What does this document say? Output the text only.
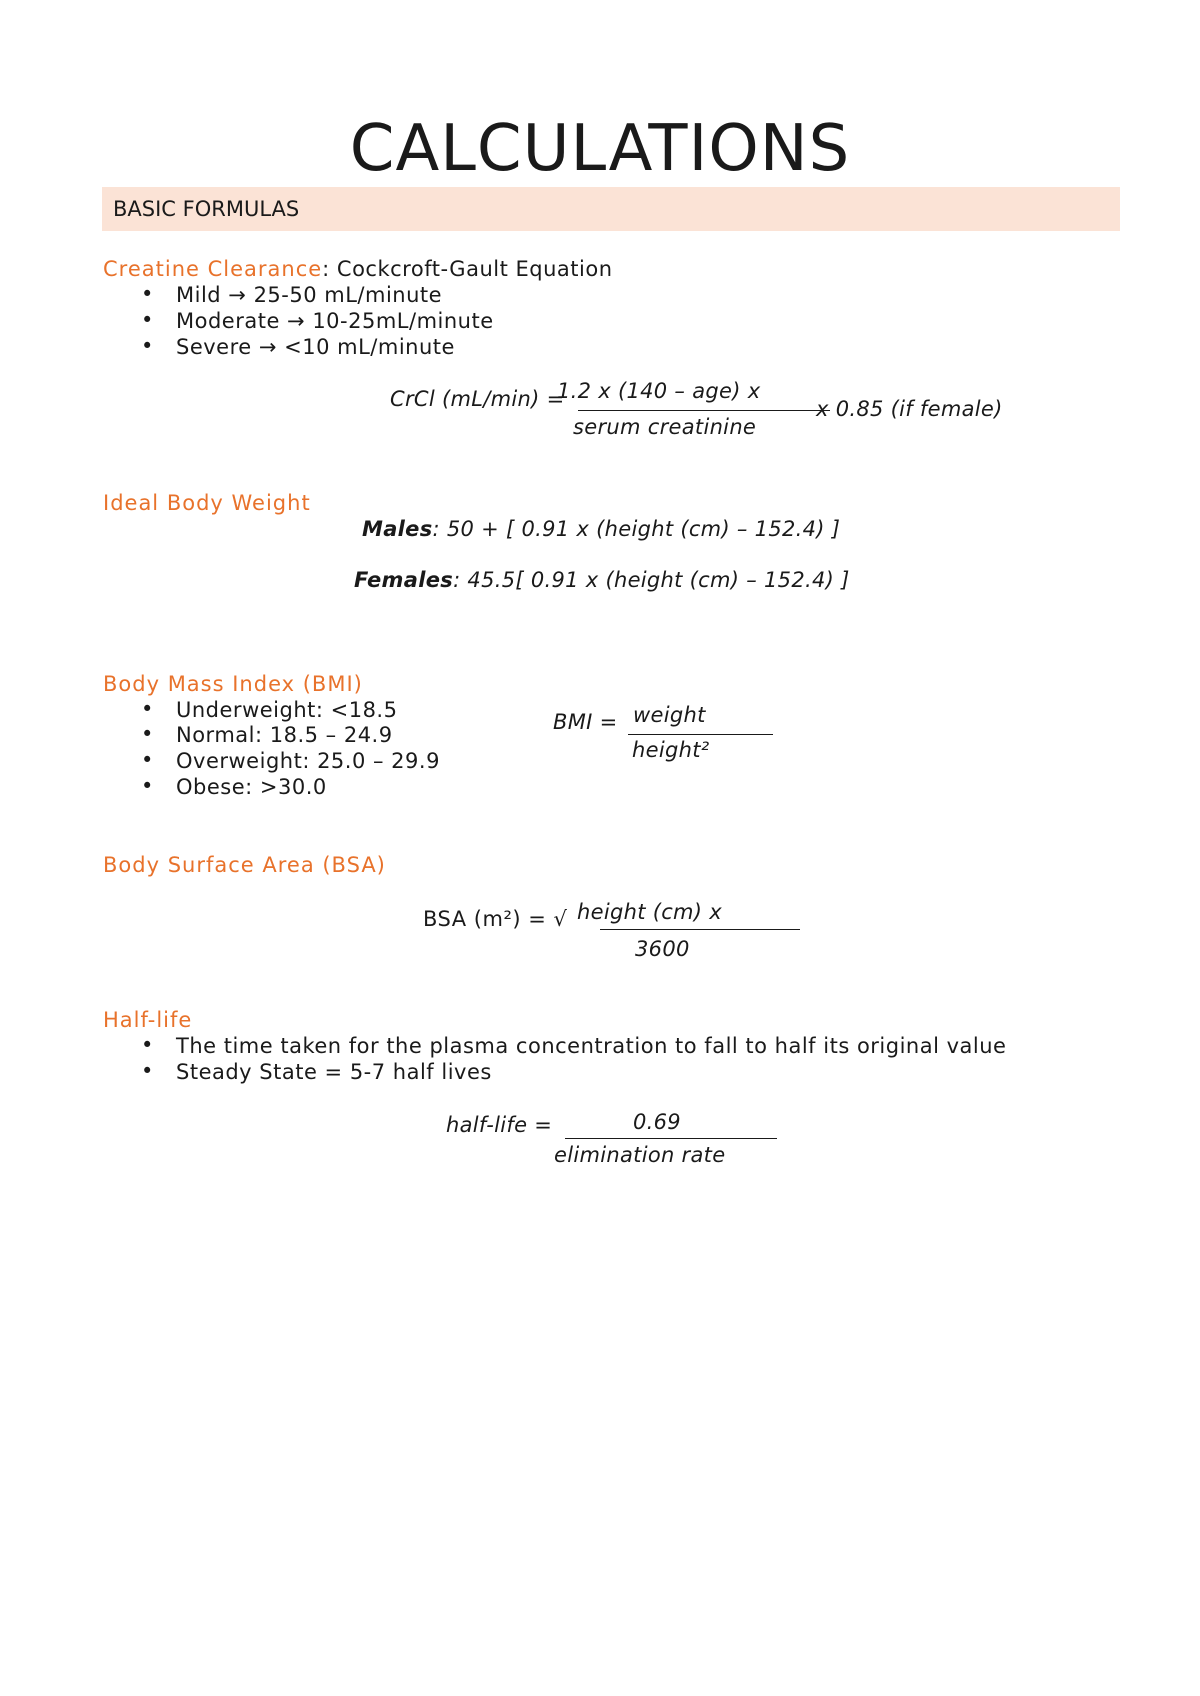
CALCULATIONS
BASIC FORMULAS
Creatine Clearance: Cockcroft-Gault Equation
• Mild → 25-50 mL/minute
• Moderate → 10-25mL/minute
• Severe → <10 mL/minute
CrCl (mL/min) =
1.2 x (140 – age) x
serum creatinine
x 0.85 (if female)
Ideal Body Weight
Males: 50 + [ 0.91 x (height (cm) – 152.4) ]
Females: 45.5[ 0.91 x (height (cm) – 152.4) ]
Body Mass Index (BMI)
• Underweight: <18.5
• Normal: 18.5 – 24.9
• Overweight: 25.0 – 29.9
• Obese: >30.0
BMI = weight
height²
Body Surface Area (BSA)
BSA (m²) = √ height (cm) x
3600
Half-life
• The time taken for the plasma concentration to fall to half its original value
• Steady State = 5-7 half lives
half-life =	0.69
elimination rate
